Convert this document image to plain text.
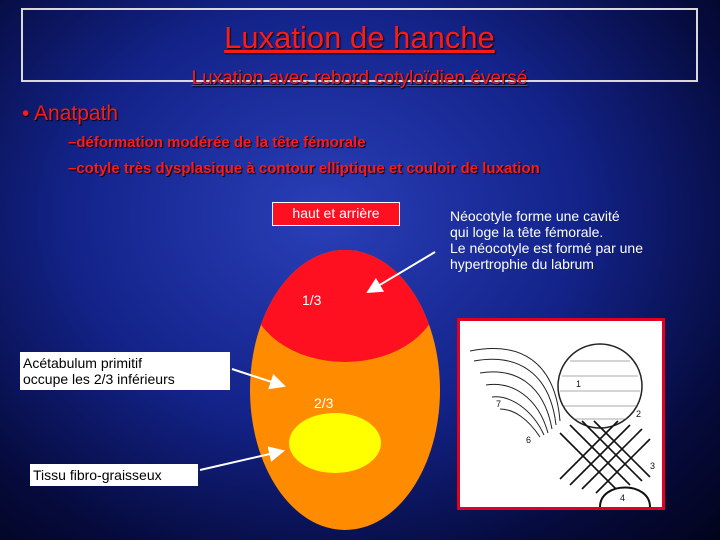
Luxation de hanche
Luxation avec rebord cotyloïdien éversé
• Anatpath
–déformation modérée de la tête fémorale
–cotyle très dysplasique à contour elliptique et couloir de luxation
haut et arrière
1/3
2/3
Néocotyle forme une cavité
qui loge la tête fémorale.
Le néocotyle est formé par une
hypertrophie du labrum
Acétabulum primitif
occupe les 2/3 inférieurs
Tissu fibro-graisseux
1
2
3
4
6
7
